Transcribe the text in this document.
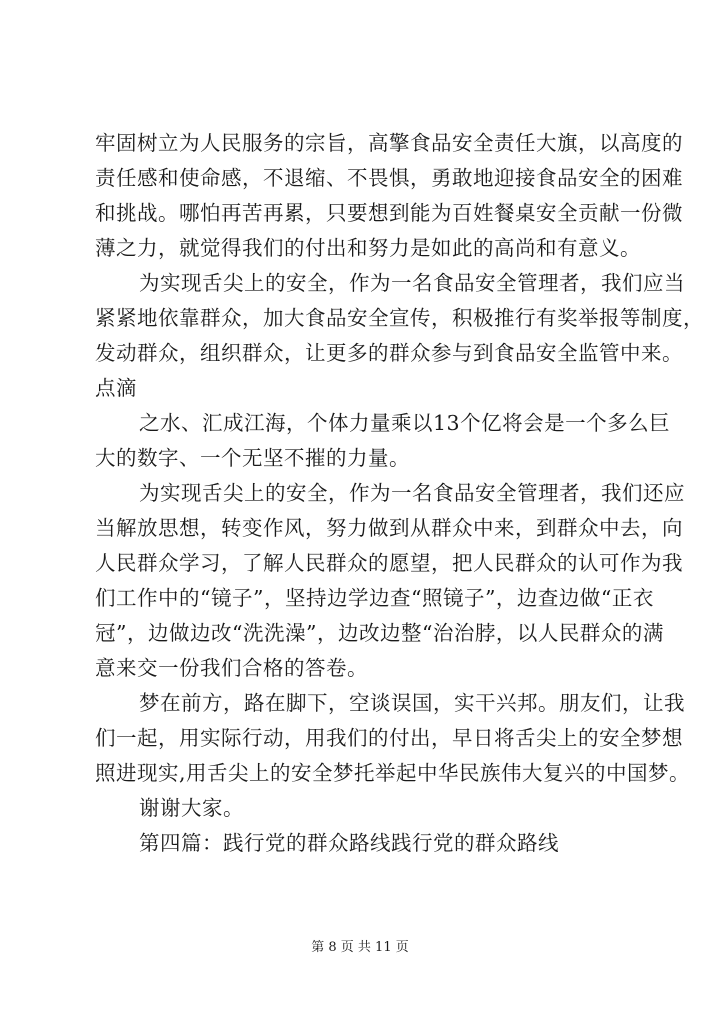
牢固树立为人民服务的宗旨，高擎食品安全责任大旗，以高度的
责任感和使命感，不退缩、不畏惧，勇敢地迎接食品安全的困难
和挑战。哪怕再苦再累，只要想到能为百姓餐桌安全贡献一份微
薄之力，就觉得我们的付出和努力是如此的高尚和有意义。
为实现舌尖上的安全，作为一名食品安全管理者，我们应当
紧紧地依靠群众，加大食品安全宣传，积极推行有奖举报等制度，
发动群众，组织群众，让更多的群众参与到食品安全监管中来。
点滴
之水、汇成江海，个体力量乘以13个亿将会是一个多么巨
大的数字、一个无坚不摧的力量。
为实现舌尖上的安全，作为一名食品安全管理者，我们还应
当解放思想，转变作风，努力做到从群众中来，到群众中去，向
人民群众学习，了解人民群众的愿望，把人民群众的认可作为我
们工作中的“镜子”，坚持边学边查“照镜子”，边查边做“正衣
冠”，边做边改“洗洗澡”，边改边整“治治脖，以人民群众的满
意来交一份我们合格的答卷。
梦在前方，路在脚下，空谈误国，实干兴邦。朋友们，让我
们一起，用实际行动，用我们的付出，早日将舌尖上的安全梦想
照进现实,用舌尖上的安全梦托举起中华民族伟大复兴的中国梦。
谢谢大家。
第四篇：践行党的群众路线践行党的群众路线
第 8 页 共 11 页
